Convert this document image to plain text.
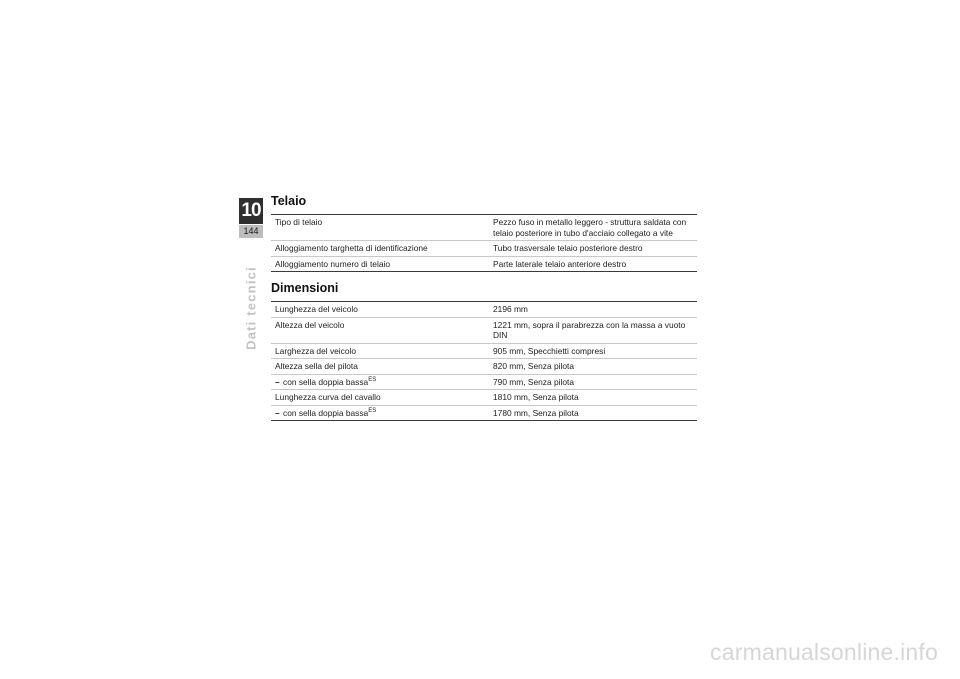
10
144
Dati tecnici
Telaio
Tipo di telaio	Pezzo fuso in metallo leggero - struttura saldata con telaio posteriore in tubo d'acciaio collegato a vite
Alloggiamento targhetta di identificazione	Tubo trasversale telaio posteriore destro
Alloggiamento numero di telaio	Parte laterale telaio anteriore destro
Dimensioni
Lunghezza del veicolo	2196 mm
Altezza del veicolo	1221 mm, sopra il parabrezza con la massa a vuoto DIN
Larghezza del veicolo	905 mm, Specchietti compresi
Altezza sella del pilota	820 mm, Senza pilota
– con sella doppia bassa$^{ES}$	790 mm, Senza pilota
Lunghezza curva del cavallo	1810 mm, Senza pilota
– con sella doppia bassa$^{ES}$	1780 mm, Senza pilota
carmanualsonline.info
